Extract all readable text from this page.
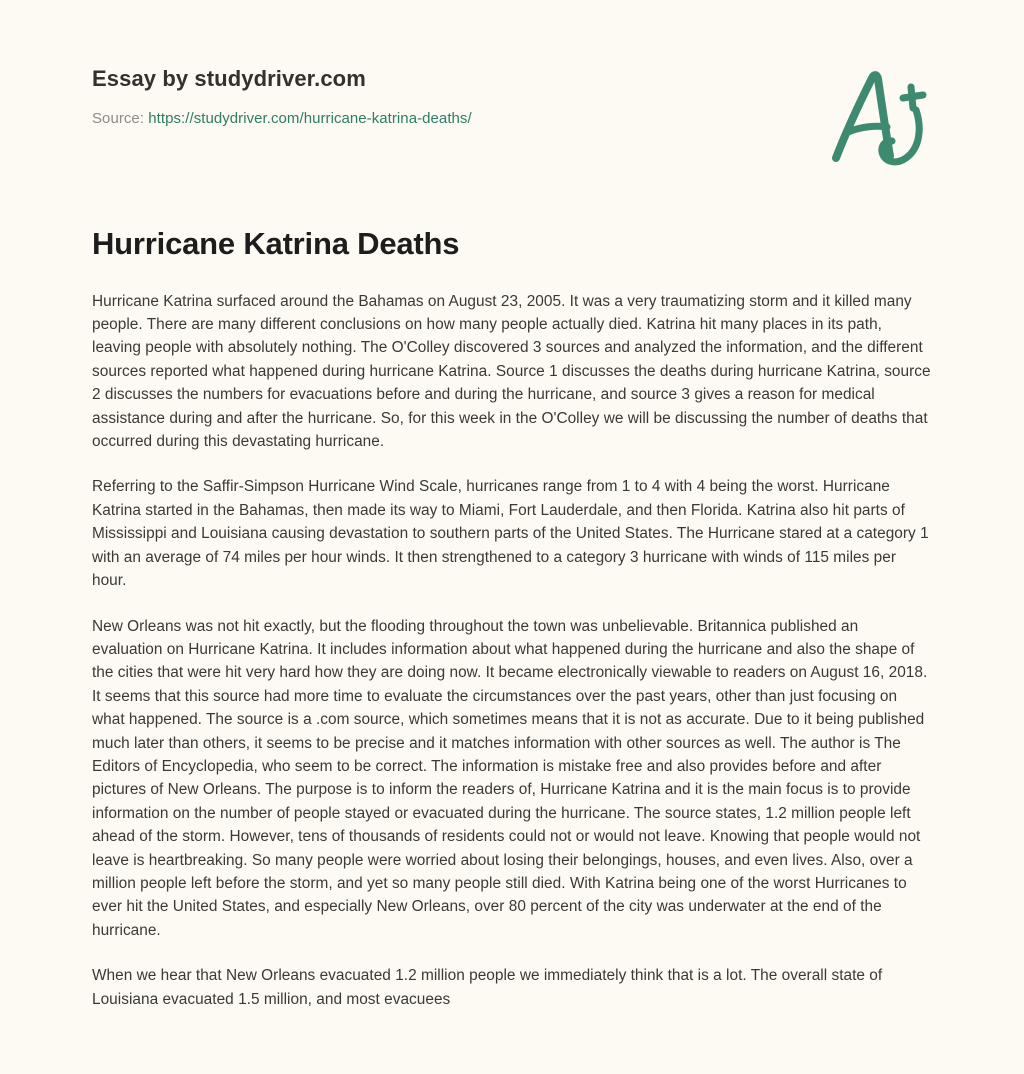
Essay by studydriver.com
Source: https://studydriver.com/hurricane-katrina-deaths/
Hurricane Katrina Deaths

Hurricane Katrina surfaced around the Bahamas on August 23, 2005. It was a very traumatizing storm and it killed many people. There are many different conclusions on how many people actually died. Katrina hit many places in its path, leaving people with absolutely nothing. The O'Colley discovered 3 sources and analyzed the information, and the different sources reported what happened during hurricane Katrina. Source 1 discusses the deaths during hurricane Katrina, source 2 discusses the numbers for evacuations before and during the hurricane, and source 3 gives a reason for medical assistance during and after the hurricane. So, for this week in the O'Colley we will be discussing the number of deaths that occurred during this devastating hurricane.

Referring to the Saffir-Simpson Hurricane Wind Scale, hurricanes range from 1 to 4 with 4 being the worst. Hurricane Katrina started in the Bahamas, then made its way to Miami, Fort Lauderdale, and then Florida. Katrina also hit parts of Mississippi and Louisiana causing devastation to southern parts of the United States. The Hurricane stared at a category 1 with an average of 74 miles per hour winds. It then strengthened to a category 3 hurricane with winds of 115 miles per hour.

New Orleans was not hit exactly, but the flooding throughout the town was unbelievable. Britannica published an evaluation on Hurricane Katrina. It includes information about what happened during the hurricane and also the shape of the cities that were hit very hard how they are doing now. It became electronically viewable to readers on August 16, 2018. It seems that this source had more time to evaluate the circumstances over the past years, other than just focusing on what happened. The source is a .com source, which sometimes means that it is not as accurate. Due to it being published much later than others, it seems to be precise and it matches information with other sources as well. The author is The Editors of Encyclopedia, who seem to be correct. The information is mistake free and also provides before and after pictures of New Orleans. The purpose is to inform the readers of, Hurricane Katrina and it is the main focus is to provide information on the number of people stayed or evacuated during the hurricane. The source states, 1.2 million people left ahead of the storm. However, tens of thousands of residents could not or would not leave. Knowing that people would not leave is heartbreaking. So many people were worried about losing their belongings, houses, and even lives. Also, over a million people left before the storm, and yet so many people still died. With Katrina being one of the worst Hurricanes to ever hit the United States, and especially New Orleans, over 80 percent of the city was underwater at the end of the hurricane.

When we hear that New Orleans evacuated 1.2 million people we immediately think that is a lot. The overall state of Louisiana evacuated 1.5 million, and most evacuees
